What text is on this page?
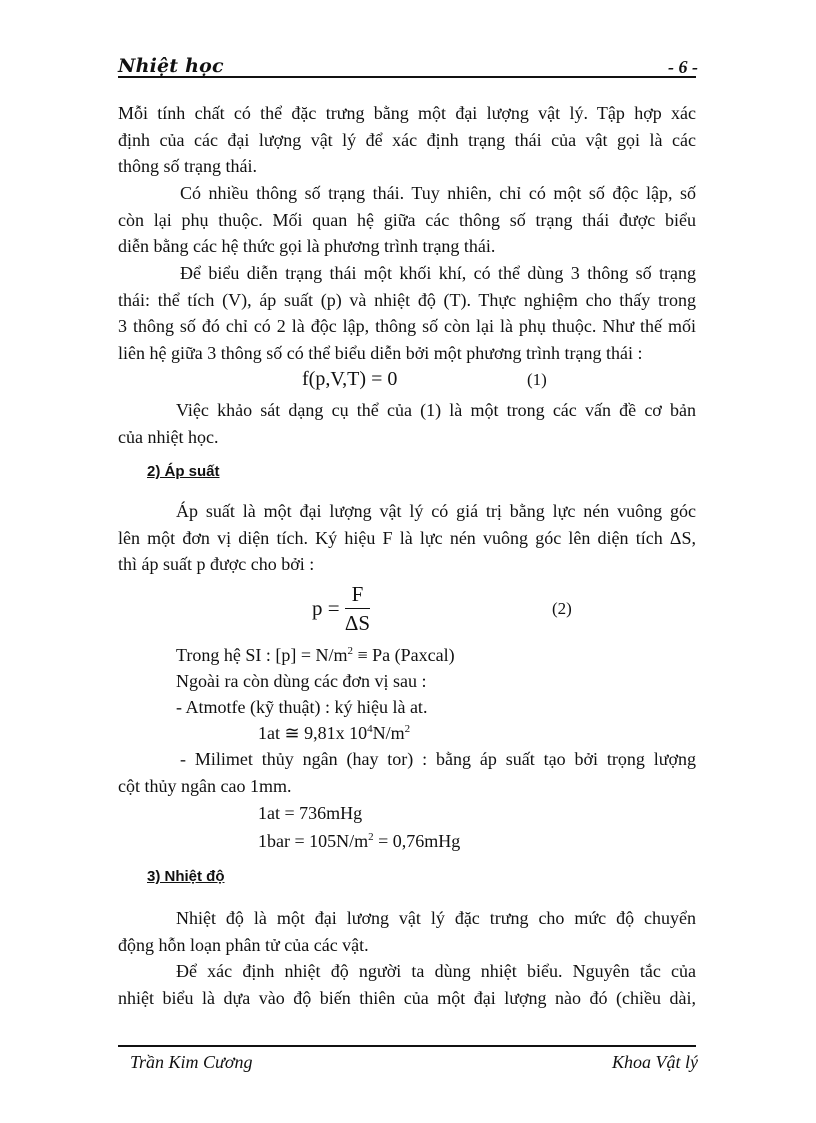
Nhiệt học	- 6 -
Mỗi tính chất có thể đặc trưng bằng một đại lượng vật lý. Tập hợp xác
định của các đại lượng vật lý để xác định trạng thái của vật gọi là các
thông số trạng thái.
Có nhiều thông số trạng thái. Tuy nhiên, chỉ có một số độc lập, số
còn lại phụ thuộc. Mối quan hệ giữa các thông số trạng thái được biểu
diễn bằng các hệ thức gọi là phương trình trạng thái.
Để biểu diễn trạng thái một khối khí, có thể dùng 3 thông số trạng
thái: thể tích (V), áp suất (p) và nhiệt độ (T). Thực nghiệm cho thấy trong
3 thông số đó chỉ có 2 là độc lập, thông số còn lại là phụ thuộc. Như thế mối
liên hệ giữa 3 thông số có thể biểu diễn bởi một phương trình trạng thái :
f(p,V,T) = 0	(1)
Việc khảo sát dạng cụ thể của (1) là một trong các vấn đề cơ bản
của nhiệt học.
2) Áp suất
Áp suất là một đại lượng vật lý có giá trị bằng lực nén vuông góc
lên một đơn vị diện tích. Ký hiệu F là lực nén vuông góc lên diện tích ΔS,
thì áp suất p được cho bởi :
$p = \frac{F}{\Delta S}$	(2)
Trong hệ SI : $[p] = N/m^2 \equiv Pa$ (Paxcal)
Ngoài ra còn dùng các đơn vị sau :
- Atmotfe (kỹ thuật) : ký hiệu là at.
1at ≅ 9,81x $10^4N/m^2$
- Milimet thủy ngân (hay tor) : bằng áp suất tạo bởi trọng lượng
cột thủy ngân cao 1mm.
1at = 736mHg
$1bar = 105N/m^2 = 0,76mHg$
3) Nhiệt độ
Nhiệt độ là một đại lương vật lý đặc trưng cho mức độ chuyển
động hỗn loạn phân tử của các vật.
Để xác định nhiệt độ người ta dùng nhiệt biểu. Nguyên tắc của
nhiệt biểu là dựa vào độ biến thiên của một đại lượng nào đó (chiều dài,
Trần Kim Cương	Khoa Vật lý
